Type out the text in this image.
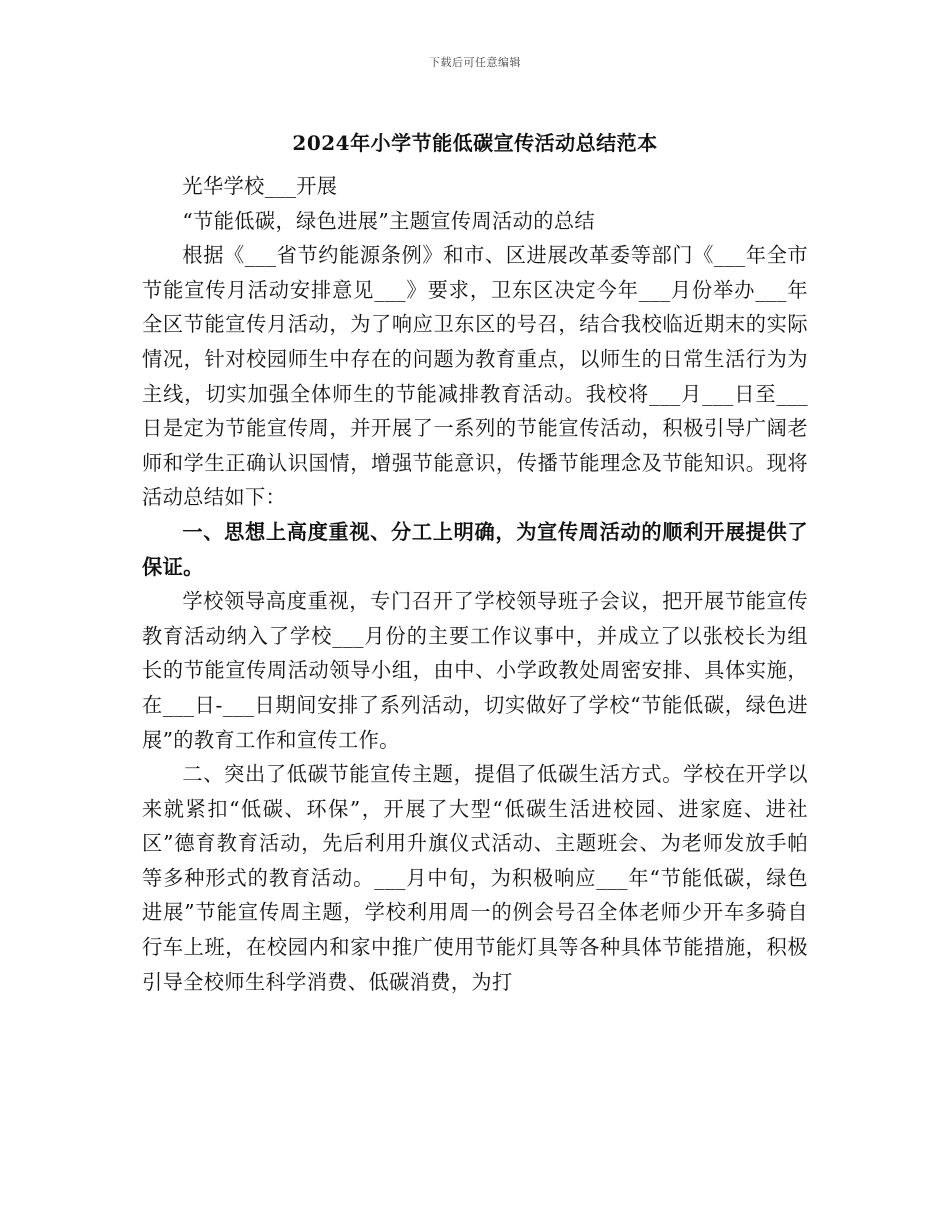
下载后可任意编辑
2024年小学节能低碳宣传活动总结范本

光华学校___开展

“节能低碳，绿色进展”主题宣传周活动的总结

根据《___省节约能源条例》和市、区进展改革委等部门《___年全市节能宣传月活动安排意见___》要求，卫东区决定今年___月份举办___年全区节能宣传月活动，为了响应卫东区的号召，结合我校临近期末的实际情况，针对校园师生中存在的问题为教育重点，以师生的日常生活行为为主线，切实加强全体师生的节能减排教育活动。我校将___月___日至___日是定为节能宣传周，并开展了一系列的节能宣传活动，积极引导广阔老师和学生正确认识国情，增强节能意识，传播节能理念及节能知识。现将活动总结如下：

一、思想上高度重视、分工上明确，为宣传周活动的顺利开展提供了保证。

学校领导高度重视，专门召开了学校领导班子会议，把开展节能宣传教育活动纳入了学校___月份的主要工作议事中，并成立了以张校长为组长的节能宣传周活动领导小组，由中、小学政教处周密安排、具体实施，在___日-___日期间安排了系列活动，切实做好了学校“节能低碳，绿色进展”的教育工作和宣传工作。

二、突出了低碳节能宣传主题，提倡了低碳生活方式。学校在开学以来就紧扣“低碳、环保”，开展了大型“低碳生活进校园、进家庭、进社区”德育教育活动，先后利用升旗仪式活动、主题班会、为老师发放手帕等多种形式的教育活动。___月中旬，为积极响应___年“节能低碳，绿色进展”节能宣传周主题，学校利用周一的例会号召全体老师少开车多骑自行车上班，在校园内和家中推广使用节能灯具等各种具体节能措施，积极引导全校师生科学消费、低碳消费，为打
